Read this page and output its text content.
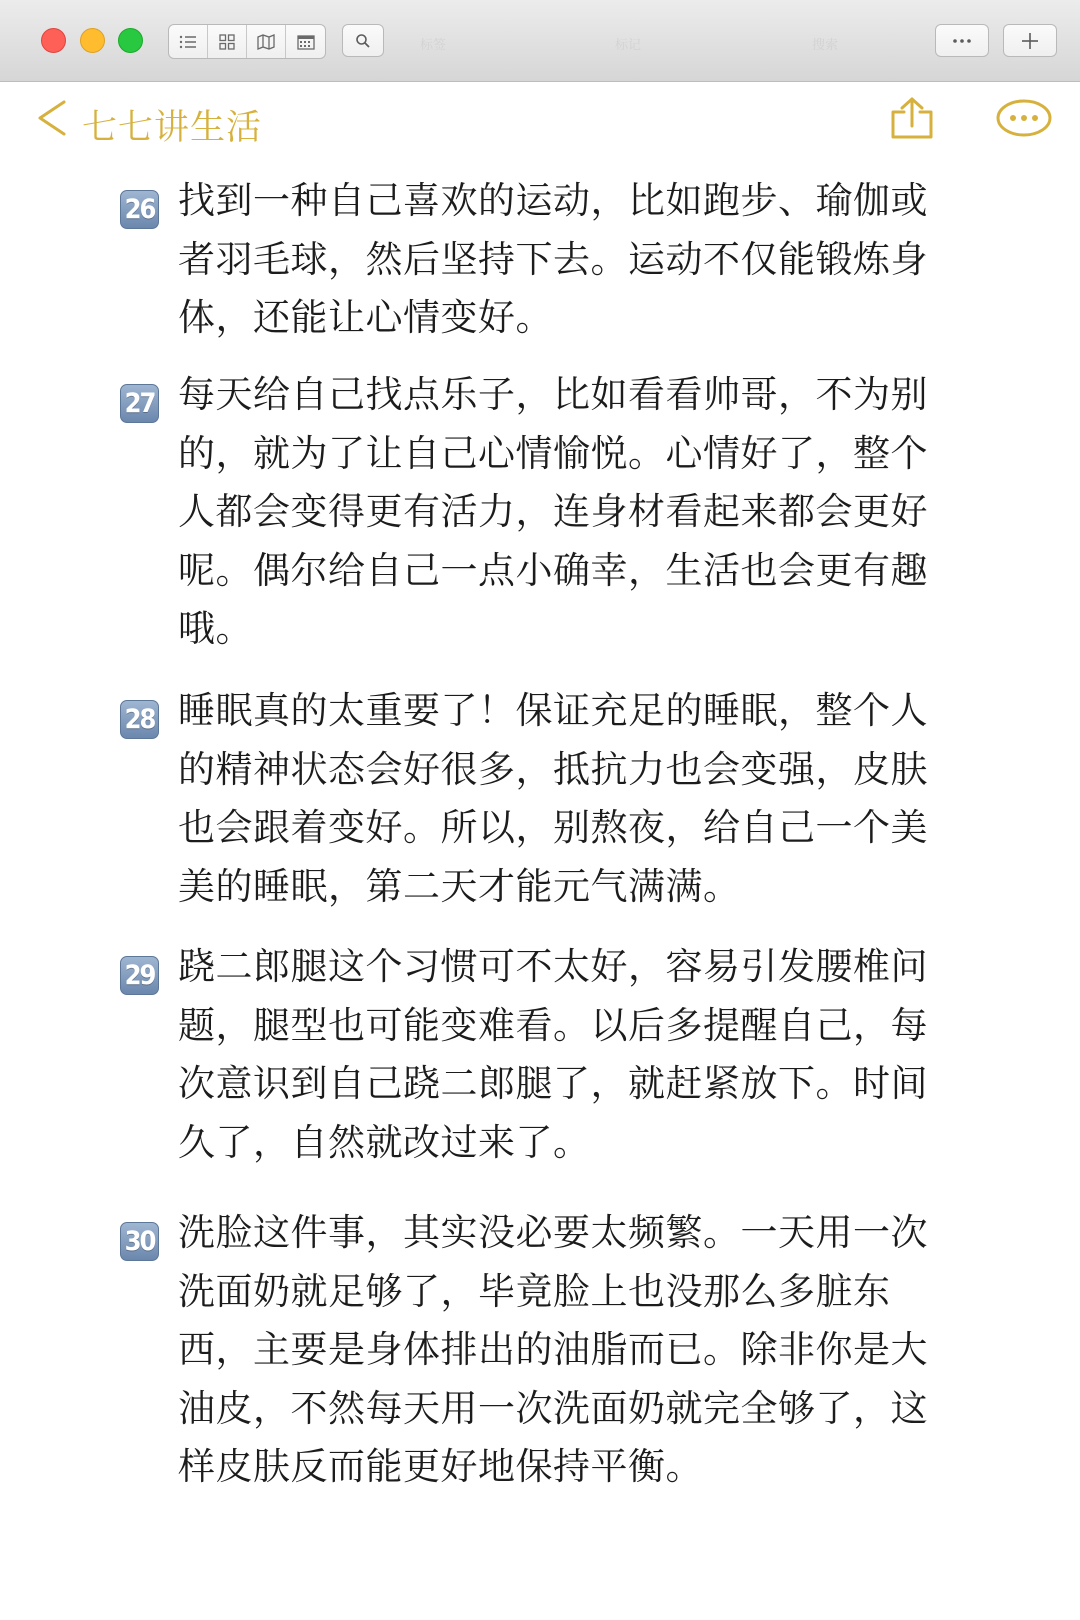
标签	标记	搜索
七七讲生活
26 找到一种自己喜欢的运动，比如跑步、瑜伽或者羽毛球，然后坚持下去。运动不仅能锻炼身体，还能让心情变好。
27 每天给自己找点乐子，比如看看帅哥，不为别的，就为了让自己心情愉悦。心情好了，整个人都会变得更有活力，连身材看起来都会更好呢。偶尔给自己一点小确幸，生活也会更有趣哦。
28 睡眠真的太重要了！保证充足的睡眠，整个人的精神状态会好很多，抵抗力也会变强，皮肤也会跟着变好。所以，别熬夜，给自己一个美美的睡眠，第二天才能元气满满。
29 跷二郎腿这个习惯可不太好，容易引发腰椎问题，腿型也可能变难看。以后多提醒自己，每次意识到自己跷二郎腿了，就赶紧放下。时间久了，自然就改过来了。
30 洗脸这件事，其实没必要太频繁。一天用一次洗面奶就足够了，毕竟脸上也没那么多脏东西，主要是身体排出的油脂而已。除非你是大油皮，不然每天用一次洗面奶就完全够了，这样皮肤反而能更好地保持平衡。
